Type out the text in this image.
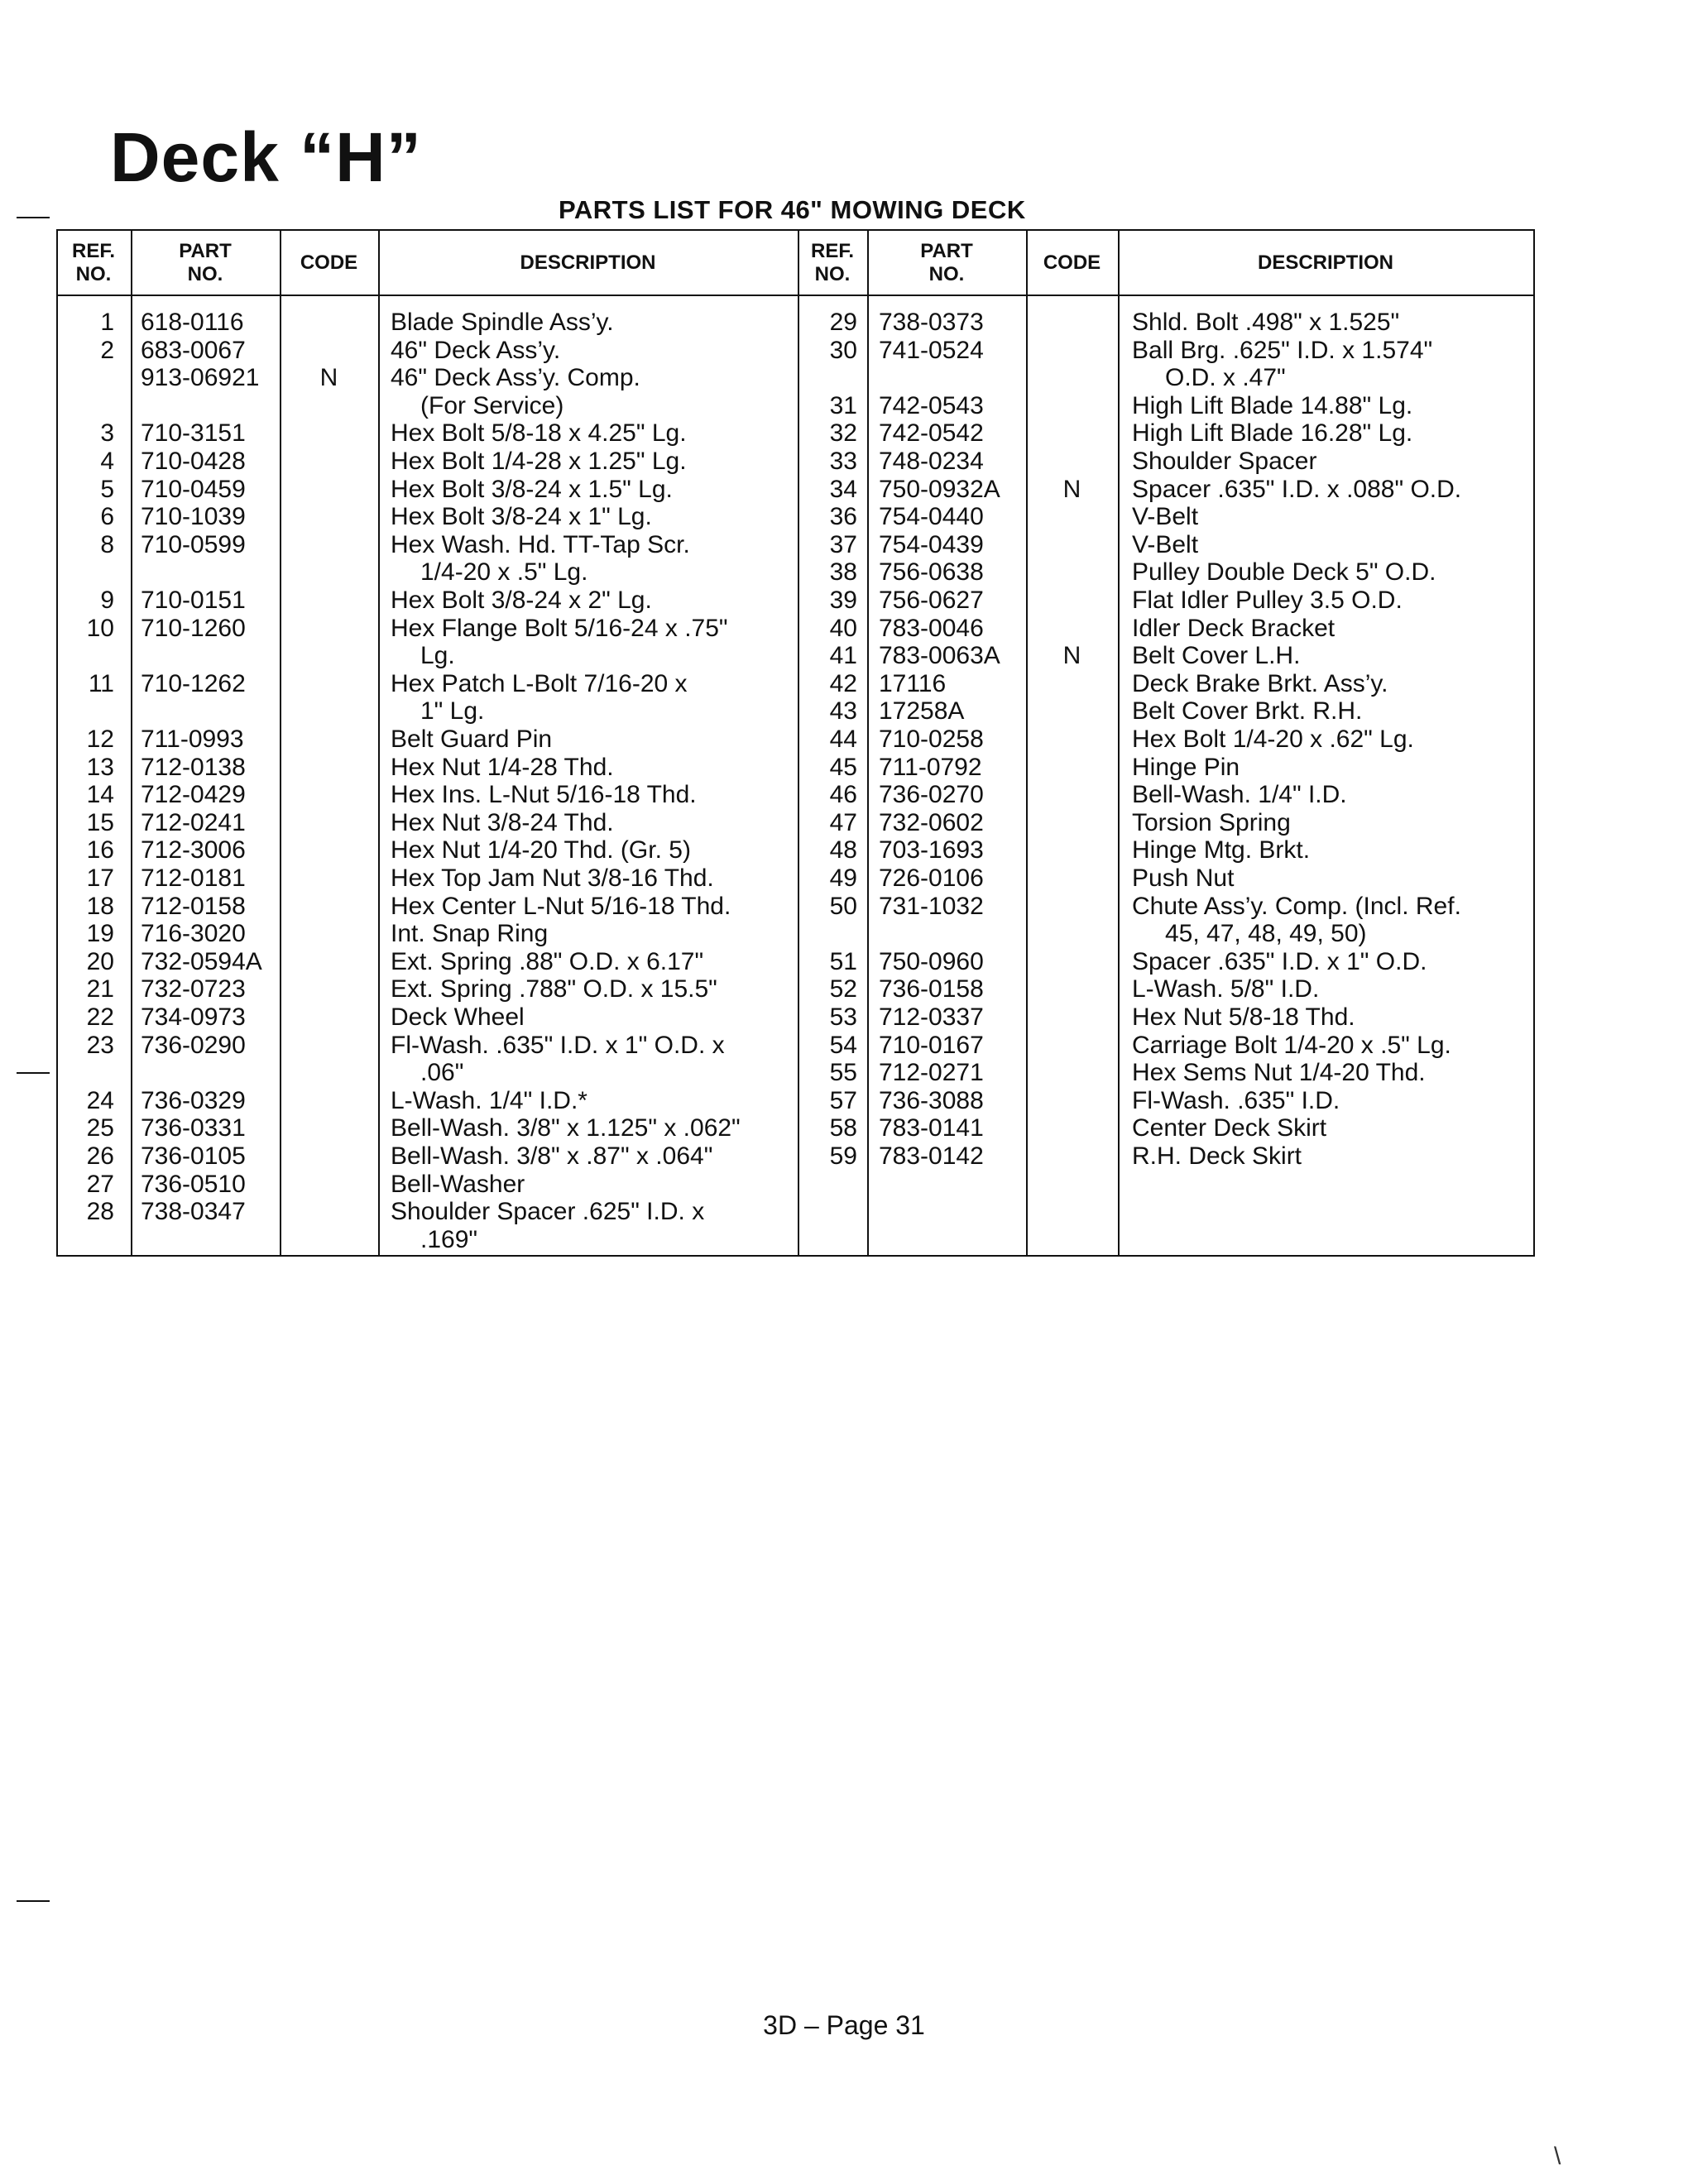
Deck “H”
PARTS LIST FOR 46" MOWING DECK
REF.
NO.
PART
NO.
CODE	DESCRIPTION
REF.
NO.
PART
NO.
CODE	DESCRIPTION
1 618-0116	Blade Spindle Ass’y.
2 683-0067	46" Deck Ass’y.
913-06921	N	46" Deck Ass’y. Comp.
(For Service)
3 710-3151	Hex Bolt 5/8-18 x 4.25" Lg.
4 710-0428	Hex Bolt 1/4-28 x 1.25" Lg.
5 710-0459	Hex Bolt 3/8-24 x 1.5" Lg.
6 710-1039	Hex Bolt 3/8-24 x 1" Lg.
8 710-0599	Hex Wash. Hd. TT-Tap Scr.
1/4-20 x .5" Lg.
9 710-0151	Hex Bolt 3/8-24 x 2" Lg.
10 710-1260	Hex Flange Bolt 5/16-24 x .75"
Lg.
11 710-1262	Hex Patch L-Bolt 7/16-20 x
1" Lg.
12 711-0993	Belt Guard Pin
13 712-0138	Hex Nut 1/4-28 Thd.
14 712-0429	Hex Ins. L-Nut 5/16-18 Thd.
15 712-0241	Hex Nut 3/8-24 Thd.
16 712-3006	Hex Nut 1/4-20 Thd. (Gr. 5)
17 712-0181	Hex Top Jam Nut 3/8-16 Thd.
18 712-0158	Hex Center L-Nut 5/16-18 Thd.
19 716-3020	Int. Snap Ring
20 732-0594A	Ext. Spring .88" O.D. x 6.17"
21 732-0723	Ext. Spring .788" O.D. x 15.5"
22 734-0973	Deck Wheel
23 736-0290	Fl-Wash. .635" I.D. x 1" O.D. x
.06"
24 736-0329	L-Wash. 1/4" I.D.*
25 736-0331	Bell-Wash. 3/8" x 1.125" x .062"
26 736-0105	Bell-Wash. 3/8" x .87" x .064"
27 736-0510	Bell-Washer
28 738-0347	Shoulder Spacer .625" I.D. x
.169"
29 738-0373	Shld. Bolt .498" x 1.525"
30 741-0524	Ball Brg. .625" I.D. x 1.574"
O.D. x .47"
31 742-0543	High Lift Blade 14.88" Lg.
32 742-0542	High Lift Blade 16.28" Lg.
33 748-0234	Shoulder Spacer
34 750-0932A	N	Spacer .635" I.D. x .088" O.D.
36 754-0440	V-Belt
37 754-0439	V-Belt
38 756-0638	Pulley Double Deck 5" O.D.
39 756-0627	Flat Idler Pulley 3.5 O.D.
40 783-0046	Idler Deck Bracket
41 783-0063A	N	Belt Cover L.H.
42 17116	Deck Brake Brkt. Ass’y.
43 17258A	Belt Cover Brkt. R.H.
44 710-0258	Hex Bolt 1/4-20 x .62" Lg.
45 711-0792	Hinge Pin
46 736-0270	Bell-Wash. 1/4" I.D.
47 732-0602	Torsion Spring
48 703-1693	Hinge Mtg. Brkt.
49 726-0106	Push Nut
50 731-1032	Chute Ass’y. Comp. (Incl. Ref.
45, 47, 48, 49, 50)
51 750-0960	Spacer .635" I.D. x 1" O.D.
52 736-0158	L-Wash. 5/8" I.D.
53 712-0337	Hex Nut 5/8-18 Thd.
54 710-0167	Carriage Bolt 1/4-20 x .5" Lg.
55 712-0271	Hex Sems Nut 1/4-20 Thd.
57 736-3088	Fl-Wash. .635" I.D.
58 783-0141	Center Deck Skirt
59 783-0142	R.H. Deck Skirt
3D – Page 31
\
